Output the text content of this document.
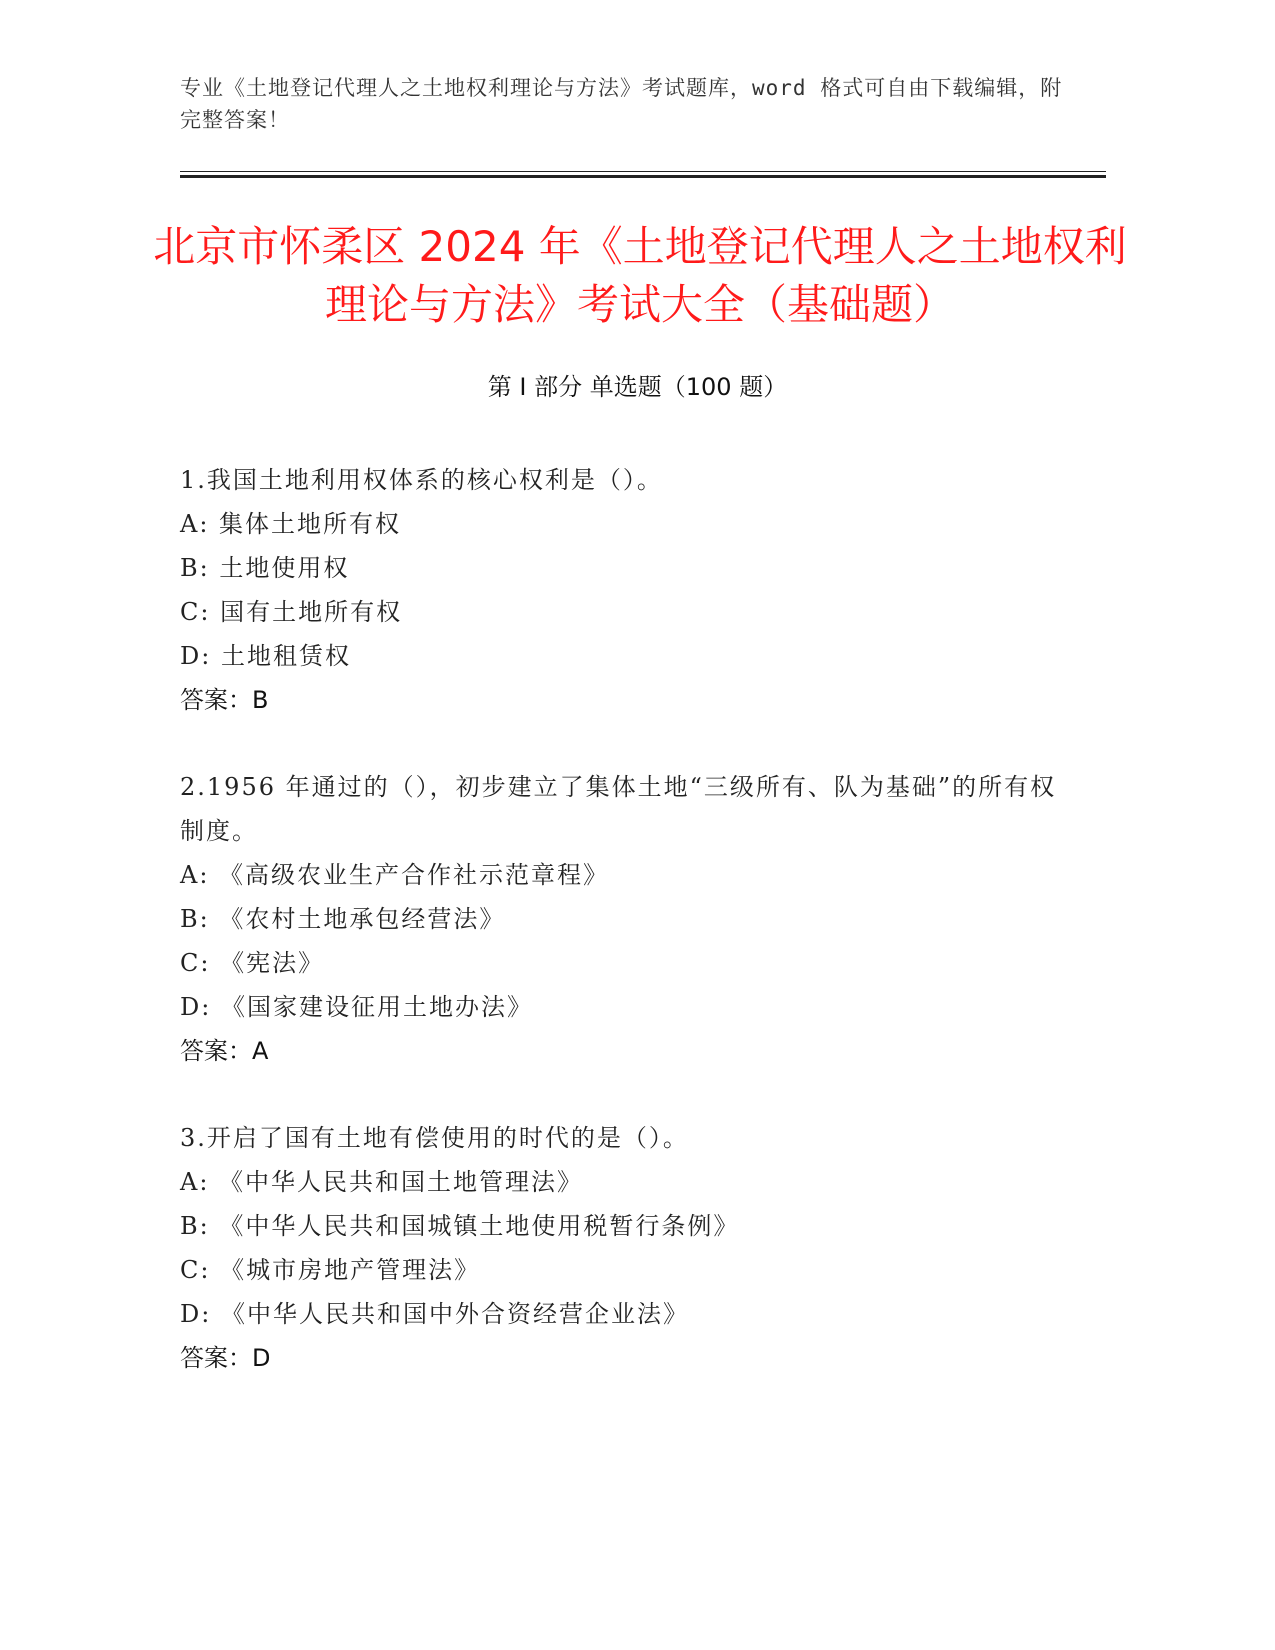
专业《土地登记代理人之土地权利理论与方法》考试题库，word 格式可自由下载编辑，附完整答案！
北京市怀柔区 2024 年《土地登记代理人之土地权利理论与方法》考试大全（基础题）
第 I 部分 单选题（100 题）

1.我国土地利用权体系的核心权利是（）。

A: 集体土地所有权

B: 土地使用权

C: 国有土地所有权

D: 土地租赁权

答案：B

2.1956 年通过的（），初步建立了集体土地“三级所有、队为基础”的所有权制度。

A: 《高级农业生产合作社示范章程》

B: 《农村土地承包经营法》

C: 《宪法》

D: 《国家建设征用土地办法》

答案：A

3.开启了国有土地有偿使用的时代的是（）。

A: 《中华人民共和国土地管理法》

B: 《中华人民共和国城镇土地使用税暂行条例》

C: 《城市房地产管理法》

D: 《中华人民共和国中外合资经营企业法》

答案：D
